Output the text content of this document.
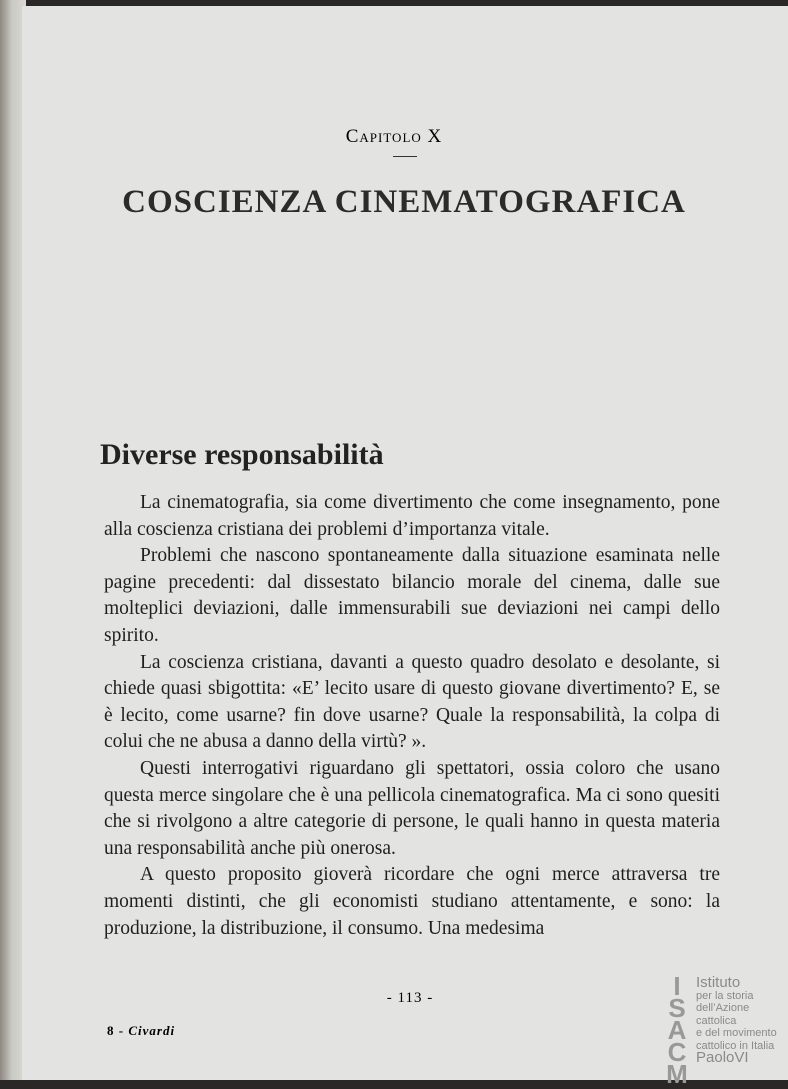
Capitolo X
COSCIENZA CINEMATOGRAFICA
Diverse responsabilità

La cinematografia, sia come divertimento che come insegnamento, pone alla coscienza cristiana dei problemi d’importanza vitale.

Problemi che nascono spontaneamente dalla situazione esaminata nelle pagine precedenti: dal dissestato bilancio morale del cinema, dalle sue molteplici deviazioni, dalle immensurabili sue deviazioni nei campi dello spirito.

La coscienza cristiana, davanti a questo quadro desolato e desolante, si chiede quasi sbigottita: «E’ lecito usare di questo giovane divertimento? E, se è lecito, come usarne? fin dove usarne? Quale la responsabilità, la colpa di colui che ne abusa a danno della virtù? ».

Questi interrogativi riguardano gli spettatori, ossia coloro che usano questa merce singolare che è una pellicola cinematografica. Ma ci sono quesiti che si rivolgono a altre categorie di persone, le quali hanno in questa materia una responsabilità anche più onerosa.

A questo proposito gioverà ricordare che ogni merce attraversa tre momenti distinti, che gli economisti studiano attentamente, e sono: la produzione, la distribuzione, il consumo. Una medesima

- 113 -
8 - Civardi
I
S
A
C
M
Istituto
per la storia
dell’Azione cattolica
e del movimento
cattolico in Italia
PaoloVI
